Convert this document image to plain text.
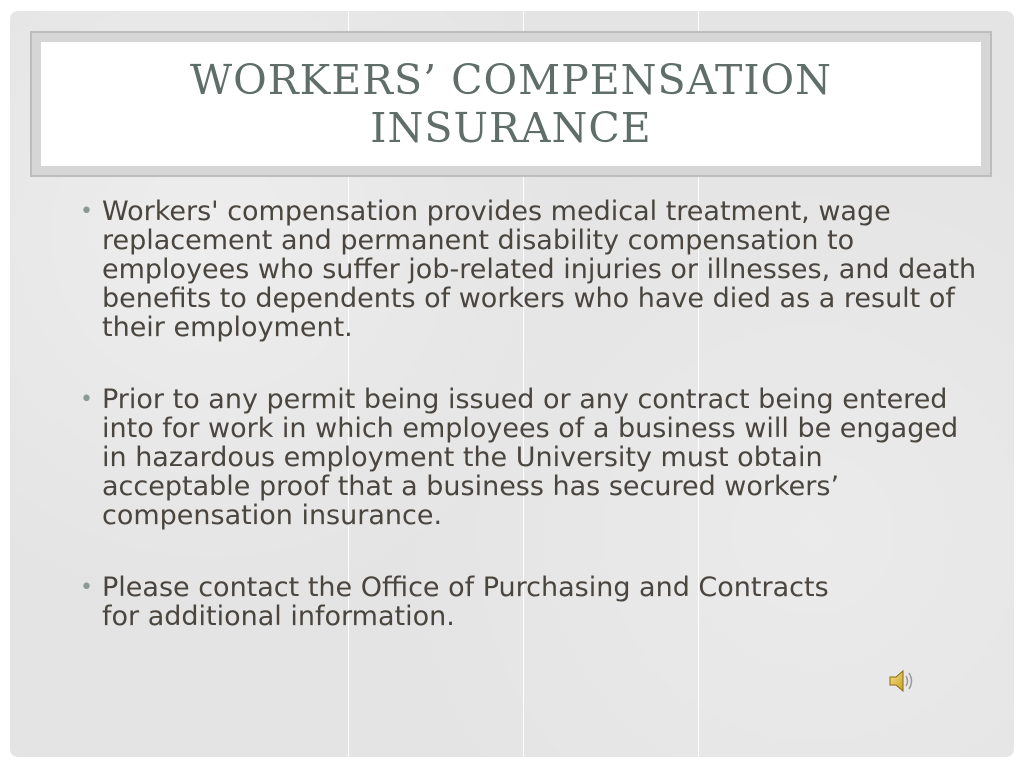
WORKERS’ COMPENSATION
INSURANCE
• Workers' compensation provides medical treatment, wage replacement and permanent disability compensation to employees who suffer job-related injuries or illnesses, and death benefits to dependents of workers who have died as a result of their employment.
• Prior to any permit being issued or any contract being entered into for work in which employees of a business will be engaged in hazardous employment the University must obtain acceptable proof that a business has secured workers’ compensation insurance.
• Please contact the Office of Purchasing and Contracts for additional information.
